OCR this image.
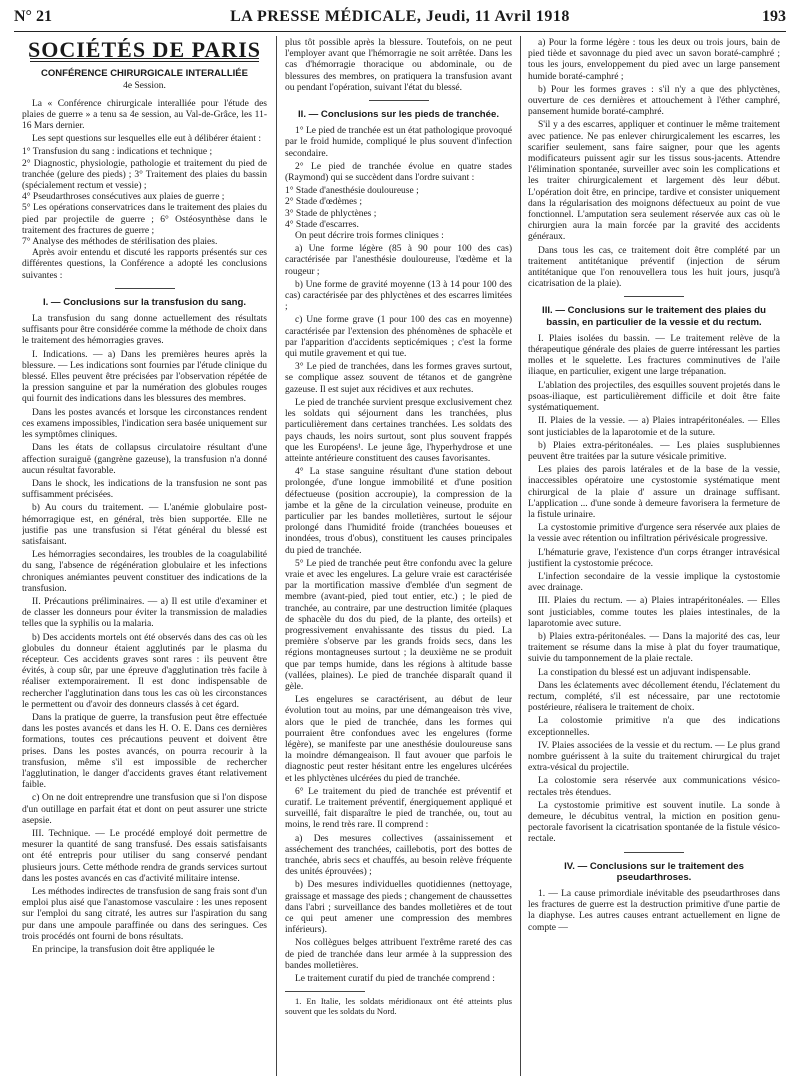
N° 21	LA PRESSE MÉDICALE, Jeudi, 11 Avril 1918	193

SOCIÉTÉS DE PARIS

CONFÉRENCE CHIRURGICALE INTERALLIÉE

4e Session.

La « Conférence chirurgicale interalliée pour l'étude des plaies de guerre » a tenu sa 4e session, au Val-de-Grâce, les 11-16 Mars dernier.

Les sept questions sur lesquelles elle eut à délibérer étaient :

1° Transfusion du sang : indications et technique ;

2° Diagnostic, physiologie, pathologie et traitement du pied de tranchée (gelure des pieds) ; 3° Traitement des plaies du bassin (spécialement rectum et vessie) ;

4° Pseudarthroses consécutives aux plaies de guerre ;

5° Les opérations conservatrices dans le traitement des plaies du pied par projectile de guerre ; 6° Ostéosynthèse dans le traitement des fractures de guerre ;

7° Analyse des méthodes de stérilisation des plaies.

Après avoir entendu et discuté les rapports présentés sur ces différentes questions, la Conférence a adopté les conclusions suivantes :

I. — Conclusions sur la transfusion du sang.

La transfusion du sang donne actuellement des résultats suffisants pour être considérée comme la méthode de choix dans le traitement des hémorragies graves.

I. Indications. — a) Dans les premières heures après la blessure. — Les indications sont fournies par l'étude clinique du blessé. Elles peuvent être précisées par l'observation répétée de la pression sanguine et par la numération des globules rouges qui fournit des indications dans les blessures des membres.

Dans les postes avancés et lorsque les circonstances rendent ces examens impossibles, l'indication sera basée uniquement sur les symptômes cliniques.

Dans les états de collapsus circulatoire résultant d'une affection suraiguë (gangrène gazeuse), la transfusion n'a donné aucun résultat favorable.

Dans le shock, les indications de la transfusion ne sont pas suffisamment précisées.

b) Au cours du traitement. — L'anémie globulaire post-hémorragique est, en général, très bien supportée. Elle ne justifie pas une transfusion si l'état général du blessé est satisfaisant.

Les hémorragies secondaires, les troubles de la coagulabilité du sang, l'absence de régénération globulaire et les infections chroniques anémiantes peuvent constituer des indications de la transfusion.

II. Précautions préliminaires. — a) Il est utile d'examiner et de classer les donneurs pour éviter la transmission de maladies telles que la syphilis ou la malaria.

b) Des accidents mortels ont été observés dans des cas où les globules du donneur étaient agglutinés par le plasma du récepteur. Ces accidents graves sont rares : ils peuvent être évités, à coup sûr, par une épreuve d'agglutination très facile à réaliser extemporairement. Il est donc indispensable de rechercher l'agglutination dans tous les cas où les circonstances le permettent ou d'avoir des donneurs classés à cet égard.

Dans la pratique de guerre, la transfusion peut être effectuée dans les postes avancés et dans les H. O. E. Dans ces dernières formations, toutes ces précautions peuvent et doivent être prises. Dans les postes avancés, on pourra recourir à la transfusion, même s'il est impossible de rechercher l'agglutination, le danger d'accidents graves étant relativement faible.

c) On ne doit entreprendre une transfusion que si l'on dispose d'un outillage en parfait état et dont on peut assurer une stricte asepsie.

III. Technique. — Le procédé employé doit permettre de mesurer la quantité de sang transfusé. Des essais satisfaisants ont été entrepris pour utiliser du sang conservé pendant plusieurs jours. Cette méthode rendra de grands services surtout dans les postes avancés en cas d'activité militaire intense.

Les méthodes indirectes de transfusion de sang frais sont d'un emploi plus aisé que l'anastomose vasculaire : les unes reposent sur l'emploi du sang citraté, les autres sur l'aspiration du sang pur dans une ampoule paraffinée ou dans des seringues. Ces trois procédés ont fourni de bons résultats.

En principe, la transfusion doit être appliquée le

plus tôt possible après la blessure. Toutefois, on ne peut l'employer avant que l'hémorragie ne soit arrêtée. Dans les cas d'hémorragie thoracique ou abdominale, ou de blessures des membres, on pratiquera la transfusion avant ou pendant l'opération, suivant l'état du blessé.

II. — Conclusions sur les pieds de tranchée.

1° Le pied de tranchée est un état pathologique provoqué par le froid humide, compliqué le plus souvent d'infection secondaire.

2° Le pied de tranchée évolue en quatre stades (Raymond) qui se succèdent dans l'ordre suivant :

1° Stade d'anesthésie douloureuse ;

2° Stade d'œdèmes ;

3° Stade de phlyctènes ;

4° Stade d'escarres.

On peut décrire trois formes cliniques :

a) Une forme légère (85 à 90 pour 100 des cas) caractérisée par l'anesthésie douloureuse, l'œdème et la rougeur ;

b) Une forme de gravité moyenne (13 à 14 pour 100 des cas) caractérisée par des phlyctènes et des escarres limitées ;

c) Une forme grave (1 pour 100 des cas en moyenne) caractérisée par l'extension des phénomènes de sphacèle et par l'apparition d'accidents septicémiques ; c'est la forme qui mutile gravement et qui tue.

3° Le pied de tranchées, dans les formes graves surtout, se complique assez souvent de tétanos et de gangrène gazeuse. Il est sujet aux récidives et aux rechutes.

Le pied de tranchée survient presque exclusivement chez les soldats qui séjournent dans les tranchées, plus particulièrement dans certaines tranchées. Les soldats des pays chauds, les noirs surtout, sont plus souvent frappés que les Européens¹. Le jeune âge, l'hyperhydrose et une atteinte antérieure constituent des causes favorisantes.

4° La stase sanguine résultant d'une station debout prolongée, d'une longue immobilité et d'une position défectueuse (position accroupie), la compression de la jambe et la gêne de la circulation veineuse, produite en particulier par les bandes molletières, surtout le séjour prolongé dans l'humidité froide (tranchées boueuses et inondées, trous d'obus), constituent les causes principales du pied de tranchée.

5° Le pied de tranchée peut être confondu avec la gelure vraie et avec les engelures. La gelure vraie est caractérisée par la mortification massive d'emblée d'un segment de membre (avant-pied, pied tout entier, etc.) ; le pied de tranchée, au contraire, par une destruction limitée (plaques de sphacèle du dos du pied, de la plante, des orteils) et progressivement envahissante des tissus du pied. La première s'observe par les grands froids secs, dans les régions montagneuses surtout ; la deuxième ne se produit que par temps humide, dans les régions à altitude basse (vallées, plaines). Le pied de tranchée disparaît quand il gèle.

Les engelures se caractérisent, au début de leur évolution tout au moins, par une démangeaison très vive, alors que le pied de tranchée, dans les formes qui pourraient être confondues avec les engelures (forme légère), se manifeste par une anesthésie douloureuse sans la moindre démangeaison. Il faut avouer que parfois le diagnostic peut rester hésitant entre les engelures ulcérées et les phlyctènes ulcérées du pied de tranchée.

6° Le traitement du pied de tranchée est préventif et curatif. Le traitement préventif, énergiquement appliqué et surveillé, fait disparaître le pied de tranchée, ou, tout au moins, le rend très rare. Il comprend :

a) Des mesures collectives (assainissement et asséchement des tranchées, caillebotis, port des bottes de tranchée, abris secs et chauffés, au besoin relève fréquente des unités éprouvées) ;

b) Des mesures individuelles quotidiennes (nettoyage, graissage et massage des pieds ; changement de chaussettes dans l'abri ; surveillance des bandes molletières et de tout ce qui peut amener une compression des membres inférieurs).

Nos collègues belges attribuent l'extrême rareté des cas de pied de tranchée dans leur armée à la suppression des bandes molletières.

Le traitement curatif du pied de tranchée comprend :

1. En Italie, les soldats méridionaux ont été atteints plus souvent que les soldats du Nord.

a) Pour la forme légère : tous les deux ou trois jours, bain de pied tiède et savonnage du pied avec un savon boraté-camphré ; tous les jours, enveloppement du pied avec un large pansement humide boraté-camphré ;

b) Pour les formes graves : s'il n'y a que des phlyctènes, ouverture de ces dernières et attouchement à l'éther camphré, pansement humide boraté-camphré.

S'il y a des escarres, appliquer et continuer le même traitement avec patience. Ne pas enlever chirurgicalement les escarres, les scarifier seulement, sans faire saigner, pour que les agents modificateurs puissent agir sur les tissus sous-jacents. Attendre l'élimination spontanée, surveiller avec soin les complications et les traiter chirurgicalement et largement dès leur début. L'opération doit être, en principe, tardive et consister uniquement dans la régularisation des moignons défectueux au point de vue fonctionnel. L'amputation sera seulement réservée aux cas où le chirurgien aura la main forcée par la gravité des accidents généraux.

Dans tous les cas, ce traitement doit être complété par un traitement antitétanique préventif (injection de sérum antitétanique que l'on renouvellera tous les huit jours, jusqu'à cicatrisation de la plaie).

III. — Conclusions sur le traitement des plaies du bassin, en particulier de la vessie et du rectum.

I. Plaies isolées du bassin. — Le traitement relève de la thérapeutique générale des plaies de guerre intéressant les parties molles et le squelette. Les fractures comminutives de l'aile iliaque, en particulier, exigent une large trépanation.

L'ablation des projectiles, des esquilles souvent projetés dans le psoas-iliaque, est particulièrement difficile et doit être faite systématiquement.

II. Plaies de la vessie. — a) Plaies intrapéritonéales. — Elles sont justiciables de la laparotomie et de la suture.

b) Plaies extra-péritonéales. — Les plaies susplubiennes peuvent être traitées par la suture vésicale primitive.

Les plaies des parois latérales et de la base de la vessie, inaccessibles opératoire une cystostomie systématique ment chirurgical de la plaie d' assure un drainage suffisant. L'application ... d'une sonde à demeure favorisera la fermeture de la fistule urinaire.

La cystostomie primitive d'urgence sera réservée aux plaies de la vessie avec rétention ou infiltration périvésicale progressive.

L'hématurie grave, l'existence d'un corps étranger intravésical justifient la cystostomie précoce.

L'infection secondaire de la vessie implique la cystostomie avec drainage.

III. Plaies du rectum. — a) Plaies intrapéritonéales. — Elles sont justiciables, comme toutes les plaies intestinales, de la laparotomie avec suture.

b) Plaies extra-péritonéales. — Dans la majorité des cas, leur traitement se résume dans la mise à plat du foyer traumatique, suivie du tamponnement de la plaie rectale.

La constipation du blessé est un adjuvant indispensable.

Dans les éclatements avec décollement étendu, l'éclatement du rectum, complété, s'il est nécessaire, par une rectotomie postérieure, réalisera le traitement de choix.

La colostomie primitive n'a que des indications exceptionnelles.

IV. Plaies associées de la vessie et du rectum. — Le plus grand nombre guérissent à la suite du traitement chirurgical du trajet extra-vésical du projectile.

La colostomie sera réservée aux communications vésico-rectales très étendues.

La cystostomie primitive est souvent inutile. La sonde à demeure, le décubitus ventral, la miction en position genu-pectorale favorisent la cicatrisation spontanée de la fistule vésico-rectale.

IV. — Conclusions sur le traitement des pseudarthroses.

1. — La cause primordiale inévitable des pseudarthroses dans les fractures de guerre est la destruction primitive d'une partie de la diaphyse. Les autres causes entrant actuellement en ligne de compte —
